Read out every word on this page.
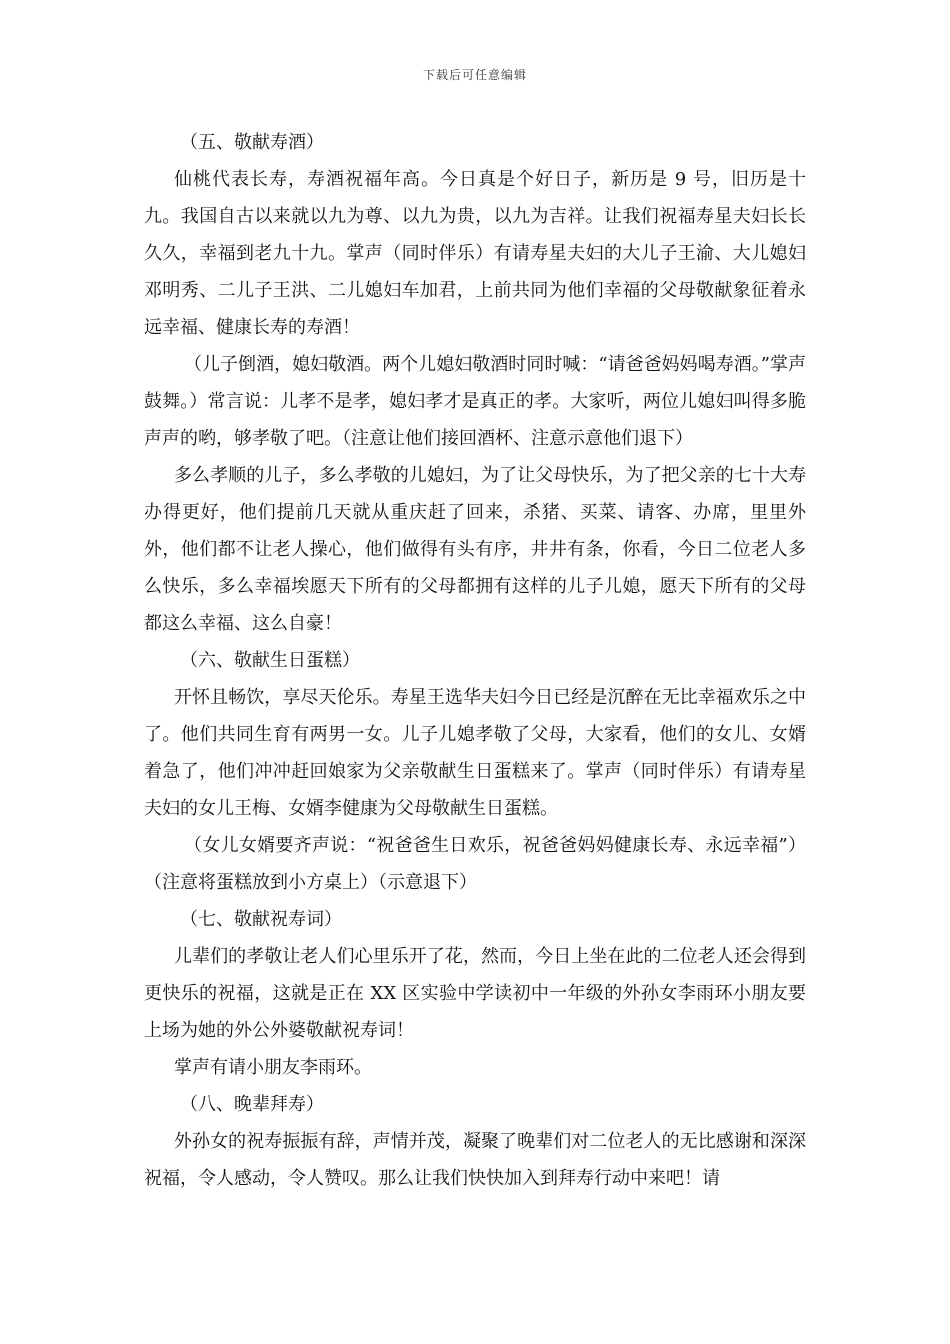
下载后可任意编辑

（五、敬献寿酒）

仙桃代表长寿，寿酒祝福年高。今日真是个好日子，新历是 9 号，旧历是十九。我国自古以来就以九为尊、以九为贵，以九为吉祥。让我们祝福寿星夫妇长长久久，幸福到老九十九。掌声（同时伴乐）有请寿星夫妇的大儿子王渝、大儿媳妇邓明秀、二儿子王洪、二儿媳妇车加君，上前共同为他们幸福的父母敬献象征着永远幸福、健康长寿的寿酒！

（儿子倒酒，媳妇敬酒。两个儿媳妇敬酒时同时喊：“请爸爸妈妈喝寿酒。”掌声鼓舞。）常言说：儿孝不是孝，媳妇孝才是真正的孝。大家听，两位儿媳妇叫得多脆声声的哟，够孝敬了吧。（注意让他们接回酒杯、注意示意他们退下）

多么孝顺的儿子，多么孝敬的儿媳妇，为了让父母快乐，为了把父亲的七十大寿办得更好，他们提前几天就从重庆赶了回来，杀猪、买菜、请客、办席，里里外外，他们都不让老人操心，他们做得有头有序，井井有条，你看，今日二位老人多么快乐，多么幸福埃愿天下所有的父母都拥有这样的儿子儿媳，愿天下所有的父母都这么幸福、这么自豪！

（六、敬献生日蛋糕）

开怀且畅饮，享尽天伦乐。寿星王选华夫妇今日已经是沉醉在无比幸福欢乐之中了。他们共同生育有两男一女。儿子儿媳孝敬了父母，大家看，他们的女儿、女婿着急了，他们冲冲赶回娘家为父亲敬献生日蛋糕来了。掌声（同时伴乐）有请寿星夫妇的女儿王梅、女婿李健康为父母敬献生日蛋糕。

（女儿女婿要齐声说：“祝爸爸生日欢乐，祝爸爸妈妈健康长寿、永远幸福”）（注意将蛋糕放到小方桌上）（示意退下）

（七、敬献祝寿词）

儿辈们的孝敬让老人们心里乐开了花，然而，今日上坐在此的二位老人还会得到更快乐的祝福，这就是正在 XX 区实验中学读初中一年级的外孙女李雨环小朋友要上场为她的外公外婆敬献祝寿词！

掌声有请小朋友李雨环。

（八、晚辈拜寿）

外孙女的祝寿振振有辞，声情并茂，凝聚了晚辈们对二位老人的无比感谢和深深祝福，令人感动，令人赞叹。那么让我们快快加入到拜寿行动中来吧！请
